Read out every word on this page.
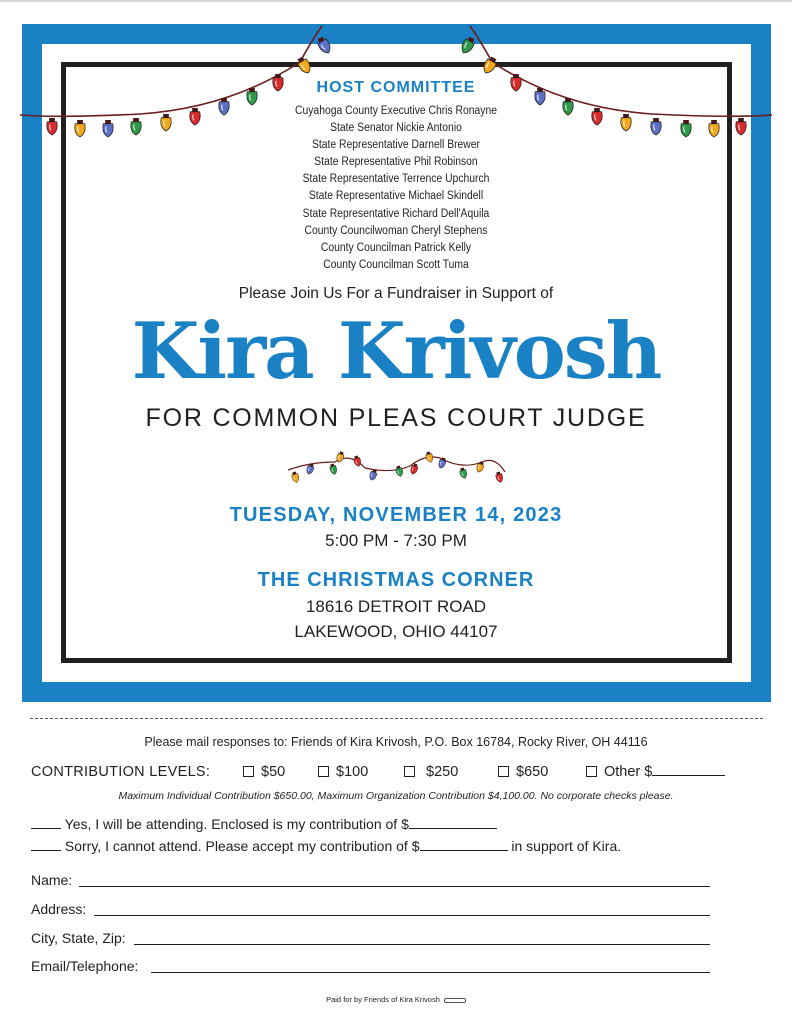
HOST COMMITTEE
Cuyahoga County Executive Chris Ronayne
State Senator Nickie Antonio
State Representative Darnell Brewer
State Representative Phil Robinson
State Representative Terrence Upchurch
State Representative Michael Skindell
State Representative Richard Dell'Aquila
County Councilwoman Cheryl Stephens
County Councilman Patrick Kelly
County Councilman Scott Tuma
Please Join Us For a Fundraiser in Support of
Kira Krivosh
FOR COMMON PLEAS COURT JUDGE
TUESDAY, NOVEMBER 14, 2023
5:00 PM - 7:30 PM
THE CHRISTMAS CORNER
18616 DETROIT ROAD
LAKEWOOD, OHIO 44107
Please mail responses to: Friends of Kira Krivosh, P.O. Box 16784, Rocky River, OH 44116
CONTRIBUTION LEVELS:	$50	$100	$250	$650	Other $
Maximum Individual Contribution $650.00, Maximum Organization Contribution $4,100.00. No corporate checks please.
Yes, I will be attending. Enclosed is my contribution of $
Sorry, I cannot attend. Please accept my contribution of $	in support of Kira.
Name:
Address:
City, State, Zip:
Email/Telephone:
Paid for by Friends of Kira Krivosh
